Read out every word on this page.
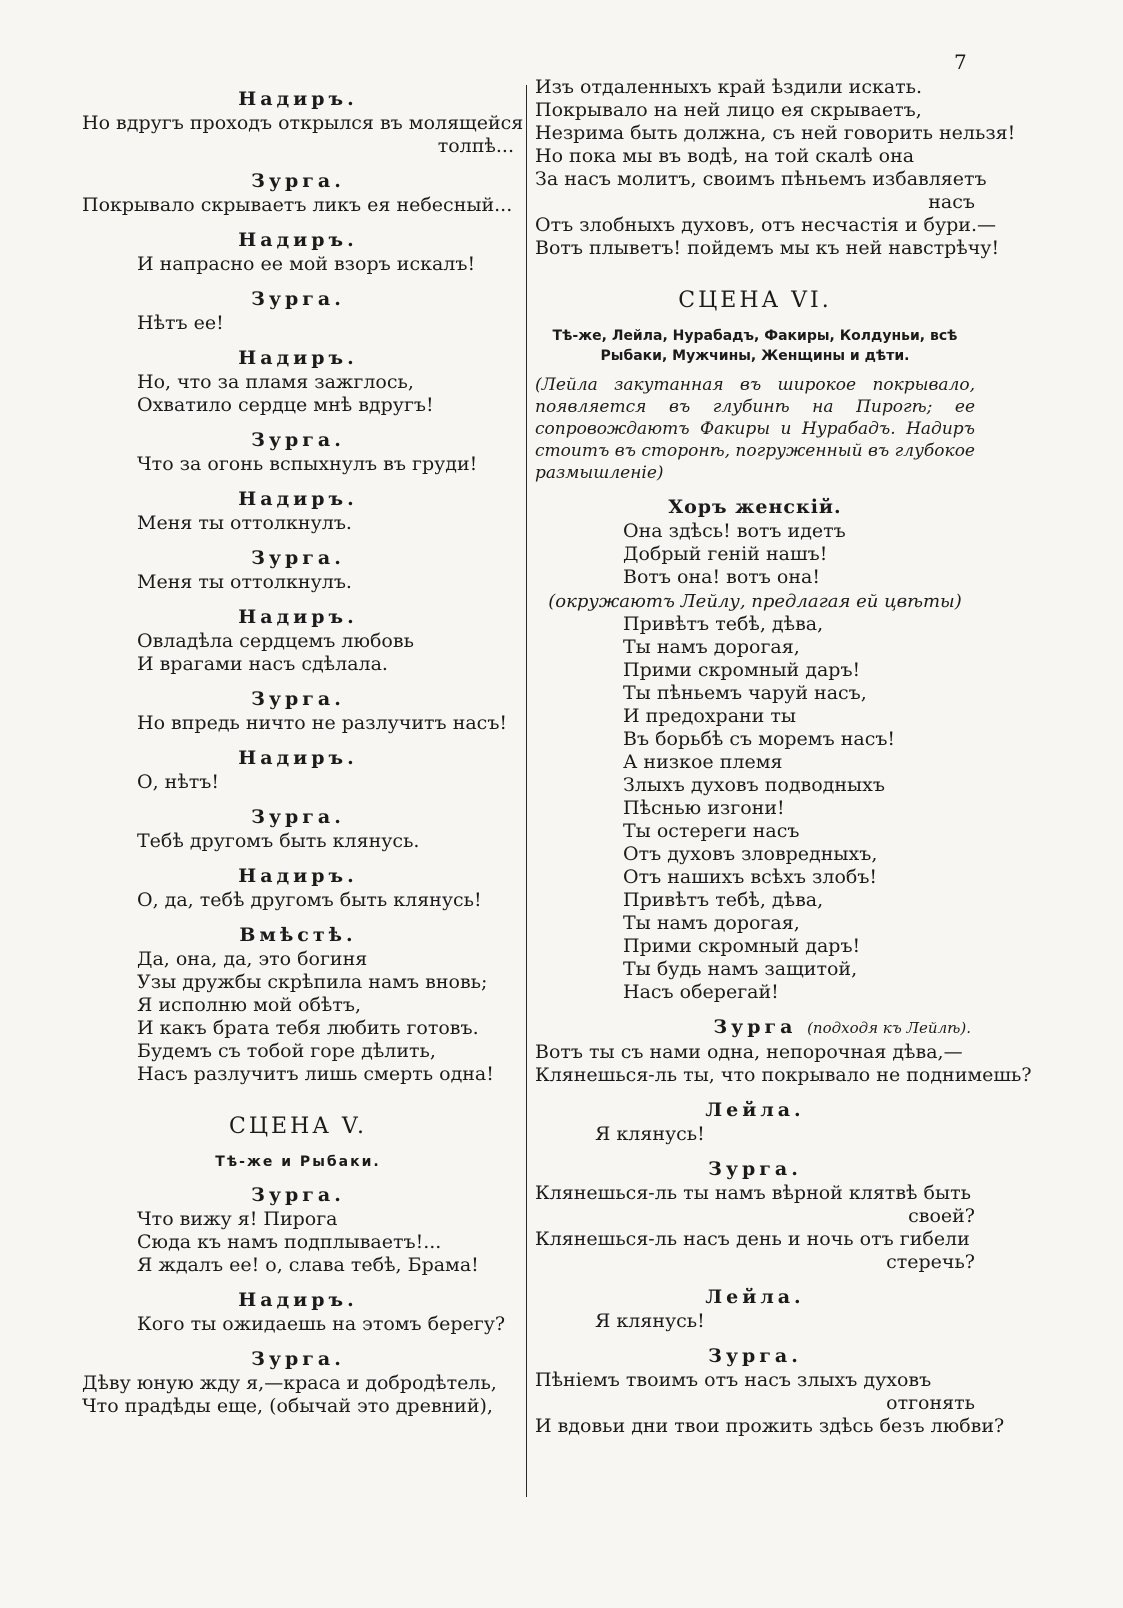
7
Надиръ.
Но вдругъ проходъ открылся въ молящейся
толпѣ...
Зурга.
Покрывало скрываетъ ликъ ея небесный...
Надиръ.
И напрасно ее мой взоръ искалъ!
Зурга.
Нѣтъ ее!
Надиръ.
Но, что за пламя зажглось,
Охватило сердце мнѣ вдругъ!
Зурга.
Что за огонь вспыхнулъ въ груди!
Надиръ.
Меня ты оттолкнулъ.
Зурга.
Меня ты оттолкнулъ.
Надиръ.
Овладѣла сердцемъ любовь
И врагами насъ сдѣлала.
Зурга.
Но впредь ничто не разлучитъ насъ!
Надиръ.
О, нѣтъ!
Зурга.
Тебѣ другомъ быть клянусь.
Надиръ.
О, да, тебѣ другомъ быть клянусь!
Вмѣстѣ.
Да, она, да, это богиня
Узы дружбы скрѣпила намъ вновь;
Я исполню мой обѣтъ,
И какъ брата тебя любить готовъ.
Будемъ съ тобой горе дѣлить,
Насъ разлучитъ лишь смерть одна!
СЦЕНА V.
Тѣ-же и Рыбаки.
Зурга.
Что вижу я! Пирога
Сюда къ намъ подплываетъ!...
Я ждалъ ее! о, слава тебѣ, Брама!
Надиръ.
Кого ты ожидаешь на этомъ берегу?
Зурга.
Дѣву юную жду я,—краса и добродѣтель,
Что прадѣды еще, (обычай это древний),
Изъ отдаленныхъ край ѣздили искать.
Покрывало на ней лицо ея скрываетъ,
Незрима быть должна, съ ней говорить нельзя!
Но пока мы въ водѣ, на той скалѣ она
За насъ молитъ, своимъ пѣньемъ избавляетъ
насъ
Отъ злобныхъ духовъ, отъ несчастія и бури.—
Вотъ плыветъ! пойдемъ мы къ ней навстрѣчу!
СЦЕНА VI.
Тѣ-же, Лейла, Нурабадъ, Факиры, Колдуньи, всѣ Рыбаки, Мужчины, Женщины и дѣти.
(Лейла закутанная въ широкое покрывало, появляется въ глубинѣ на Пирогѣ; ее сопровождаютъ Факиры и Нурабадъ. Надиръ стоитъ въ сторонѣ, погруженный въ глубокое размышленіе)
Хоръ женскій.
Она здѣсь! вотъ идетъ
Добрый геній нашъ!
Вотъ она! вотъ она!
(окружаютъ Лейлу, предлагая ей цвѣты)
Привѣтъ тебѣ, дѣва,
Ты намъ дорогая,
Прими скромный даръ!
Ты пѣньемъ чаруй насъ,
И предохрани ты
Въ борьбѣ съ моремъ насъ!
А низкое племя
Злыхъ духовъ подводныхъ
Пѣснью изгони!
Ты остереги насъ
Отъ духовъ зловредныхъ,
Отъ нашихъ всѣхъ злобъ!
Привѣтъ тебѣ, дѣва,
Ты намъ дорогая,
Прими скромный даръ!
Ты будь намъ защитой,
Насъ оберегай!
Зурга (подходя къ Лейлѣ).
Вотъ ты съ нами одна, непорочная дѣва,—
Клянешься-ль ты, что покрывало не поднимешь?
Лейла.
Я клянусь!
Зурга.
Клянешься-ль ты намъ вѣрной клятвѣ быть
своей?
Клянешься-ль насъ день и ночь отъ гибели
стеречь?
Лейла.
Я клянусь!
Зурга.
Пѣніемъ твоимъ отъ насъ злыхъ духовъ
отгонять
И вдовьи дни твои прожить здѣсь безъ любви?
